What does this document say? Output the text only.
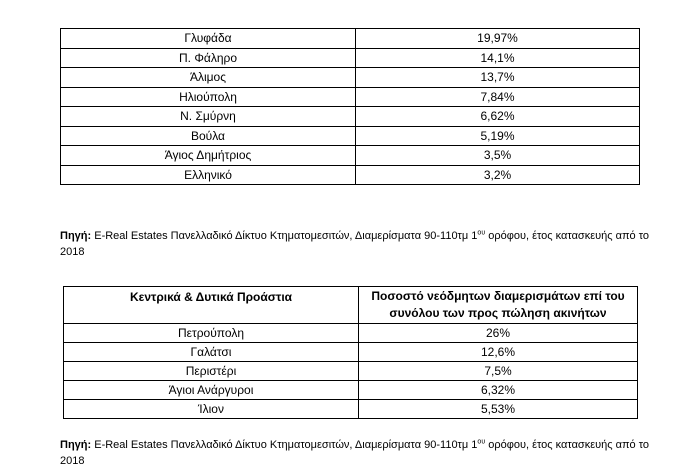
Γλυφάδα	19,97%
Π. Φάληρο	14,1%
Άλιμος	13,7%
Ηλιούπολη	7,84%
Ν. Σμύρνη	6,62%
Βούλα	5,19%
Άγιος Δημήτριος	3,5%
Ελληνικό	3,2%
Πηγή: E-Real Estates Πανελλαδικό Δίκτυο Κτηματομεσιτών, Διαμερίσματα 90-110τμ $1^{o\upsilon}$ ορόφου, έτος κατασκευής από το 2018
Κεντρικά & Δυτικά Προάστια	Ποσοστό νεόδμητων διαμερισμάτων επί του συνόλου των προς πώληση ακινήτων
Πετρούπολη	26%
Γαλάτσι	12,6%
Περιστέρι	7,5%
Άγιοι Ανάργυροι	6,32%
Ίλιον	5,53%
Πηγή: E-Real Estates Πανελλαδικό Δίκτυο Κτηματομεσιτών, Διαμερίσματα 90-110τμ $1^{o\upsilon}$ ορόφου, έτος κατασκευής από το 2018
